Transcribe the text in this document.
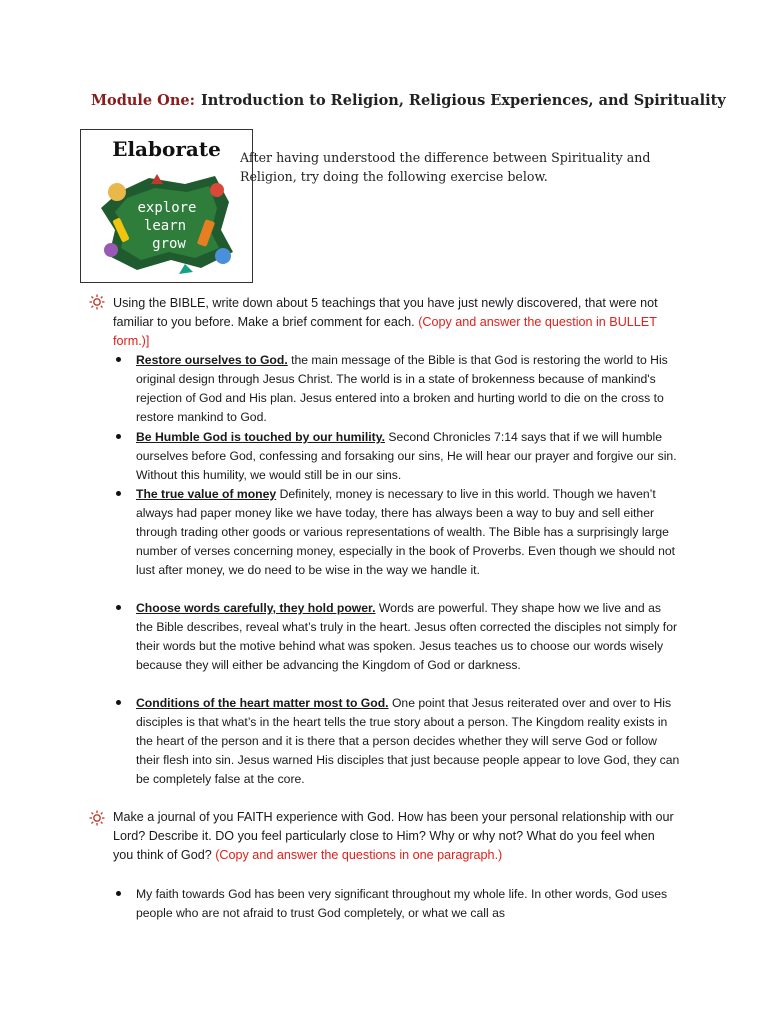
Module One: Introduction to Religion, Religious Experiences, and Spirituality
Elaborate
explore
learn
grow
After having understood the difference between Spirituality and Religion, try doing the following exercise below.
Using the BIBLE, write down about 5 teachings that you have just newly discovered, that were not familiar to you before. Make a brief comment for each. (Copy and answer the question in BULLET form.)]
Restore ourselves to God. the main message of the Bible is that God is restoring the world to His original design through Jesus Christ. The world is in a state of brokenness because of mankind's rejection of God and His plan. Jesus entered into a broken and hurting world to die on the cross to restore mankind to God.
Be Humble God is touched by our humility. Second Chronicles 7:14 says that if we will humble ourselves before God, confessing and forsaking our sins, He will hear our prayer and forgive our sin. Without this humility, we would still be in our sins.
The true value of money Definitely, money is necessary to live in this world. Though we haven’t always had paper money like we have today, there has always been a way to buy and sell either through trading other goods or various representations of wealth. The Bible has a surprisingly large number of verses concerning money, especially in the book of Proverbs. Even though we should not lust after money, we do need to be wise in the way we handle it.
Choose words carefully, they hold power. Words are powerful. They shape how we live and as the Bible describes, reveal what’s truly in the heart. Jesus often corrected the disciples not simply for their words but the motive behind what was spoken. Jesus teaches us to choose our words wisely because they will either be advancing the Kingdom of God or darkness.
Conditions of the heart matter most to God. One point that Jesus reiterated over and over to His disciples is that what’s in the heart tells the true story about a person. The Kingdom reality exists in the heart of the person and it is there that a person decides whether they will serve God or follow their flesh into sin. Jesus warned His disciples that just because people appear to love God, they can be completely false at the core.
Make a journal of you FAITH experience with God. How has been your personal relationship with our Lord? Describe it. DO you feel particularly close to Him? Why or why not? What do you feel when you think of God? (Copy and answer the questions in one paragraph.)
My faith towards God has been very significant throughout my whole life. In other words, God uses people who are not afraid to trust God completely, or what we call as
